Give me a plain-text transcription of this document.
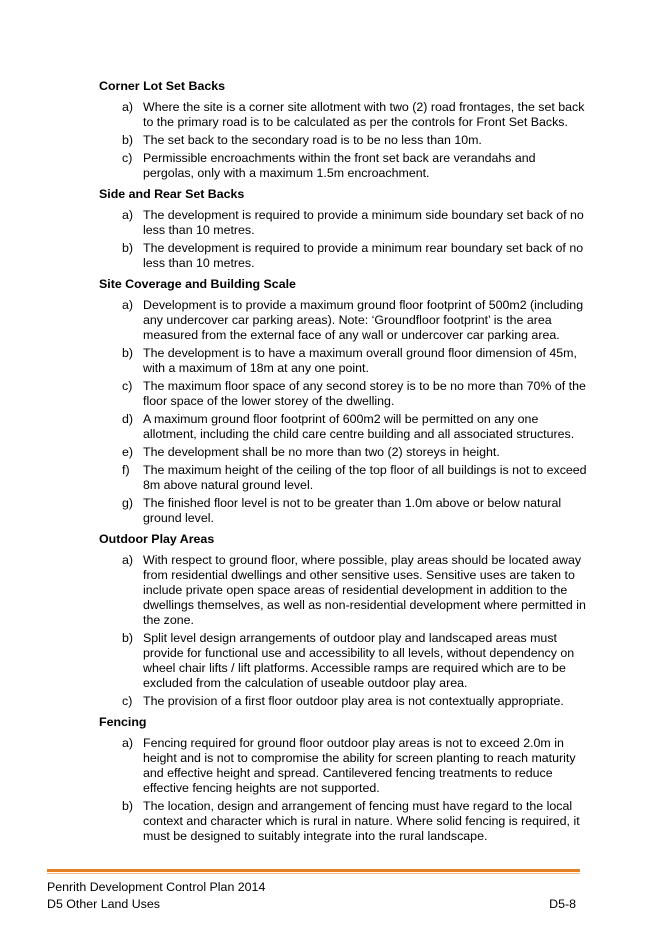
Corner Lot Set Backs
a) Where the site is a corner site allotment with two (2) road frontages, the set back to the primary road is to be calculated as per the controls for Front Set Backs.
b) The set back to the secondary road is to be no less than 10m.
c) Permissible encroachments within the front set back are verandahs and pergolas, only with a maximum 1.5m encroachment.
Side and Rear Set Backs
a) The development is required to provide a minimum side boundary set back of no less than 10 metres.
b) The development is required to provide a minimum rear boundary set back of no less than 10 metres.
Site Coverage and Building Scale
a) Development is to provide a maximum ground floor footprint of 500m2 (including any undercover car parking areas). Note: ‘Groundfloor footprint’ is the area measured from the external face of any wall or undercover car parking area.
b) The development is to have a maximum overall ground floor dimension of 45m, with a maximum of 18m at any one point.
c) The maximum floor space of any second storey is to be no more than 70% of the floor space of the lower storey of the dwelling.
d) A maximum ground floor footprint of 600m2 will be permitted on any one allotment, including the child care centre building and all associated structures.
e) The development shall be no more than two (2) storeys in height.
f) The maximum height of the ceiling of the top floor of all buildings is not to exceed 8m above natural ground level.
g) The finished floor level is not to be greater than 1.0m above or below natural ground level.
Outdoor Play Areas
a) With respect to ground floor, where possible, play areas should be located away from residential dwellings and other sensitive uses. Sensitive uses are taken to include private open space areas of residential development in addition to the dwellings themselves, as well as non-residential development where permitted in the zone.
b) Split level design arrangements of outdoor play and landscaped areas must provide for functional use and accessibility to all levels, without dependency on wheel chair lifts / lift platforms. Accessible ramps are required which are to be excluded from the calculation of useable outdoor play area.
c) The provision of a first floor outdoor play area is not contextually appropriate.
Fencing
a) Fencing required for ground floor outdoor play areas is not to exceed 2.0m in height and is not to compromise the ability for screen planting to reach maturity and effective height and spread. Cantilevered fencing treatments to reduce effective fencing heights are not supported.
b) The location, design and arrangement of fencing must have regard to the local context and character which is rural in nature. Where solid fencing is required, it must be designed to suitably integrate into the rural landscape.
Penrith Development Control Plan 2014
D5 Other Land Uses	D5-8
